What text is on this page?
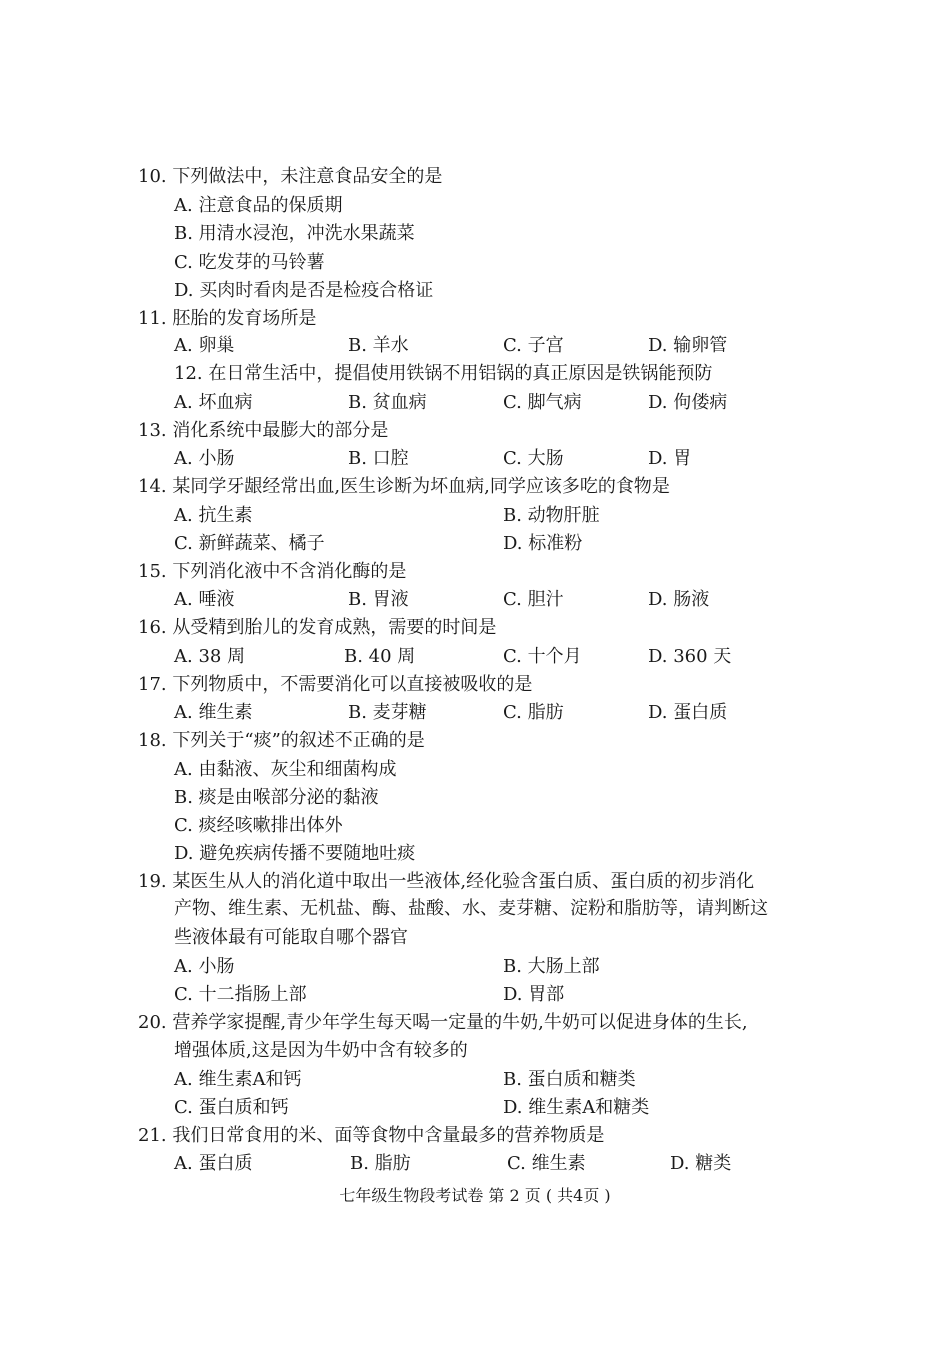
10. 下列做法中，未注意食品安全的是
A. 注意食品的保质期
B. 用清水浸泡，冲洗水果蔬菜
C. 吃发芽的马铃薯
D. 买肉时看肉是否是检疫合格证
11. 胚胎的发育场所是
A. 卵巢	B. 羊水	C. 子宫	D. 输卵管
12. 在日常生活中，提倡使用铁锅不用铝锅的真正原因是铁锅能预防
A. 坏血病	B. 贫血病	C. 脚气病	D. 佝偻病
13. 消化系统中最膨大的部分是
A. 小肠	B. 口腔	C. 大肠	D. 胃
14. 某同学牙龈经常出血,医生诊断为坏血病,同学应该多吃的食物是
A. 抗生素	B. 动物肝脏
C. 新鲜蔬菜、橘子	D. 标准粉
15. 下列消化液中不含消化酶的是
A. 唾液	B. 胃液	C. 胆汁	D. 肠液
16. 从受精到胎儿的发育成熟，需要的时间是
A. 38 周	B. 40 周	C. 十个月	D. 360 天
17. 下列物质中，不需要消化可以直接被吸收的是
A. 维生素	B. 麦芽糖	C. 脂肪	D. 蛋白质
18. 下列关于“痰”的叙述不正确的是
A. 由黏液、灰尘和细菌构成
B. 痰是由喉部分泌的黏液
C. 痰经咳嗽排出体外
D. 避免疾病传播不要随地吐痰
19. 某医生从人的消化道中取出一些液体,经化验含蛋白质、蛋白质的初步消化
产物、维生素、无机盐、酶、盐酸、水、麦芽糖、淀粉和脂肪等，请判断这
些液体最有可能取自哪个器官
A. 小肠	B. 大肠上部
C. 十二指肠上部	D. 胃部
20. 营养学家提醒,青少年学生每天喝一定量的牛奶,牛奶可以促进身体的生长,
增强体质,这是因为牛奶中含有较多的
A. 维生素A和钙	B. 蛋白质和糖类
C. 蛋白质和钙	D. 维生素A和糖类
21. 我们日常食用的米、面等食物中含量最多的营养物质是
A. 蛋白质	B. 脂肪	C. 维生素	D. 糖类
七年级生物段考试卷 第 2 页 ( 共4页 )
